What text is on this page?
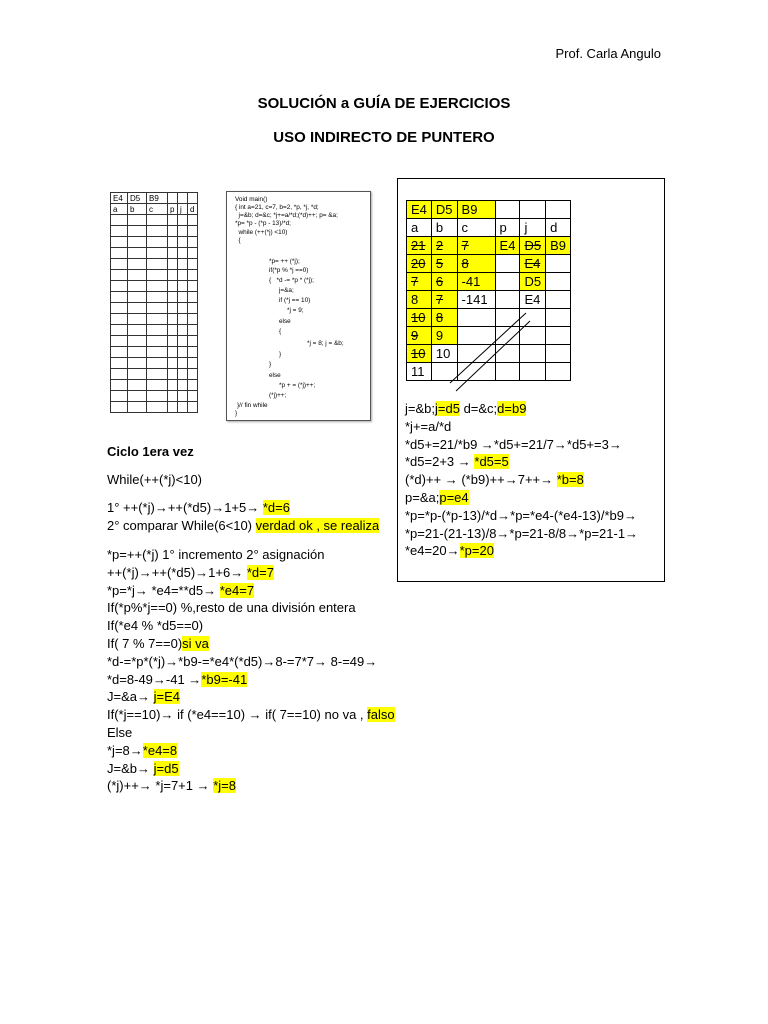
Prof. Carla Angulo
SOLUCIÓN a GUÍA DE EJERCICIOS
USO INDIRECTO DE PUNTERO
E4	D5	B9			
a	b	c	p	j	d

Void main()
{ int a=21, c=7, b=2, *p, *j, *d;
j=&b; d=&c; *j+=a/*d;(*d)++; p= &a;
*p= *p - (*p - 13)/*d;
while (++(*j) <10)
{
*p= ++ (*j);
if(*p % *j ==0)
{   *d -= *p * (*j);
j=&a;
if (*j == 10)
*j = 9;
else
{
*j = 8; j = &b;
}
}
else
*p + = (*j)++;
(*j)++;
}// fin while
}
E4	D5	B9			
a	b	c	p	j	d
21	2	7	E4	D5	B9
20	5	8		E4	
7	6	-41		D5	
8	7	-141		E4	
10	8				
9	9				
10	10				
11					
j=&b;j=d5 d=&c;d=b9
*j+=a/*d
*d5+=21/*b9 →*d5+=21/7→*d5+=3→
*d5=2+3 → *d5=5
(*d)++ → (*b9)++→7++→ *b=8
p=&a;p=e4
*p=*p-(*p-13)/*d→*p=*e4-(*e4-13)/*b9→
*p=21-(21-13)/8→*p=21-8/8→*p=21-1→
*e4=20→*p=20
Ciclo 1era vez
While(++(*j)<10)
1° ++(*j)→++(*d5)→1+5→ *d=6
2° comparar While(6<10) verdad ok , se realiza
*p=++(*j) 1° incremento 2° asignación
++(*j)→++(*d5)→1+6→ *d=7
*p=*j→ *e4=**d5→ *e4=7
If(*p%*j==0) %,resto de una división entera
If(*e4 % *d5==0)
If( 7 % 7==0)si va
*d-=*p*(*j)→*b9-=*e4*(*d5)→8-=7*7→ 8-=49→
*d=8-49→-41 →*b9=-41
J=&a→ j=E4
If(*j==10)→ if (*e4==10) → if( 7==10) no va , falso
Else
*j=8→*e4=8
J=&b→ j=d5
(*j)++→ *j=7+1 → *j=8
